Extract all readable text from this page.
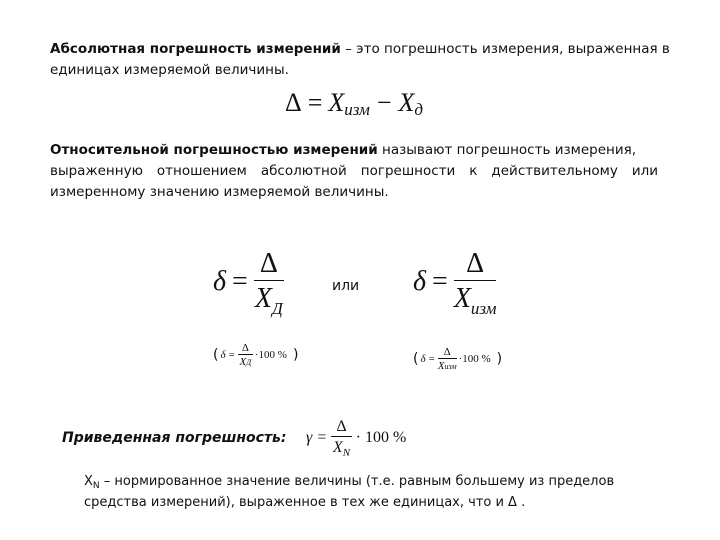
Абсолютная погрешность измерений – это погрешность измерения, выраженная в
единицах измеряемой величины.
Δ = X изм − X д
Относительной погрешностью измерений называют погрешность измерения,
выраженную отношением абсолютной погрешности к действительному или
измеренному значению измеряемой величины.
$\delta = \frac{\Delta}{X_Д}$	или $\delta = \frac{\Delta}{X_{изм}}$
( $\delta = \frac{\Delta}{XД} \cdot 100$ % )	( $\delta = \frac{\Delta}{\text{Xизм}} \cdot 100$ % )
Приведенная погрешность: $\gamma = \frac{\Delta}{X_N} \cdot 100$ %
$X_N$ – нормированное значение величины (т.е. равным большему из пределов
средства измерений), выраженное в тех же единицах, что и Δ .
